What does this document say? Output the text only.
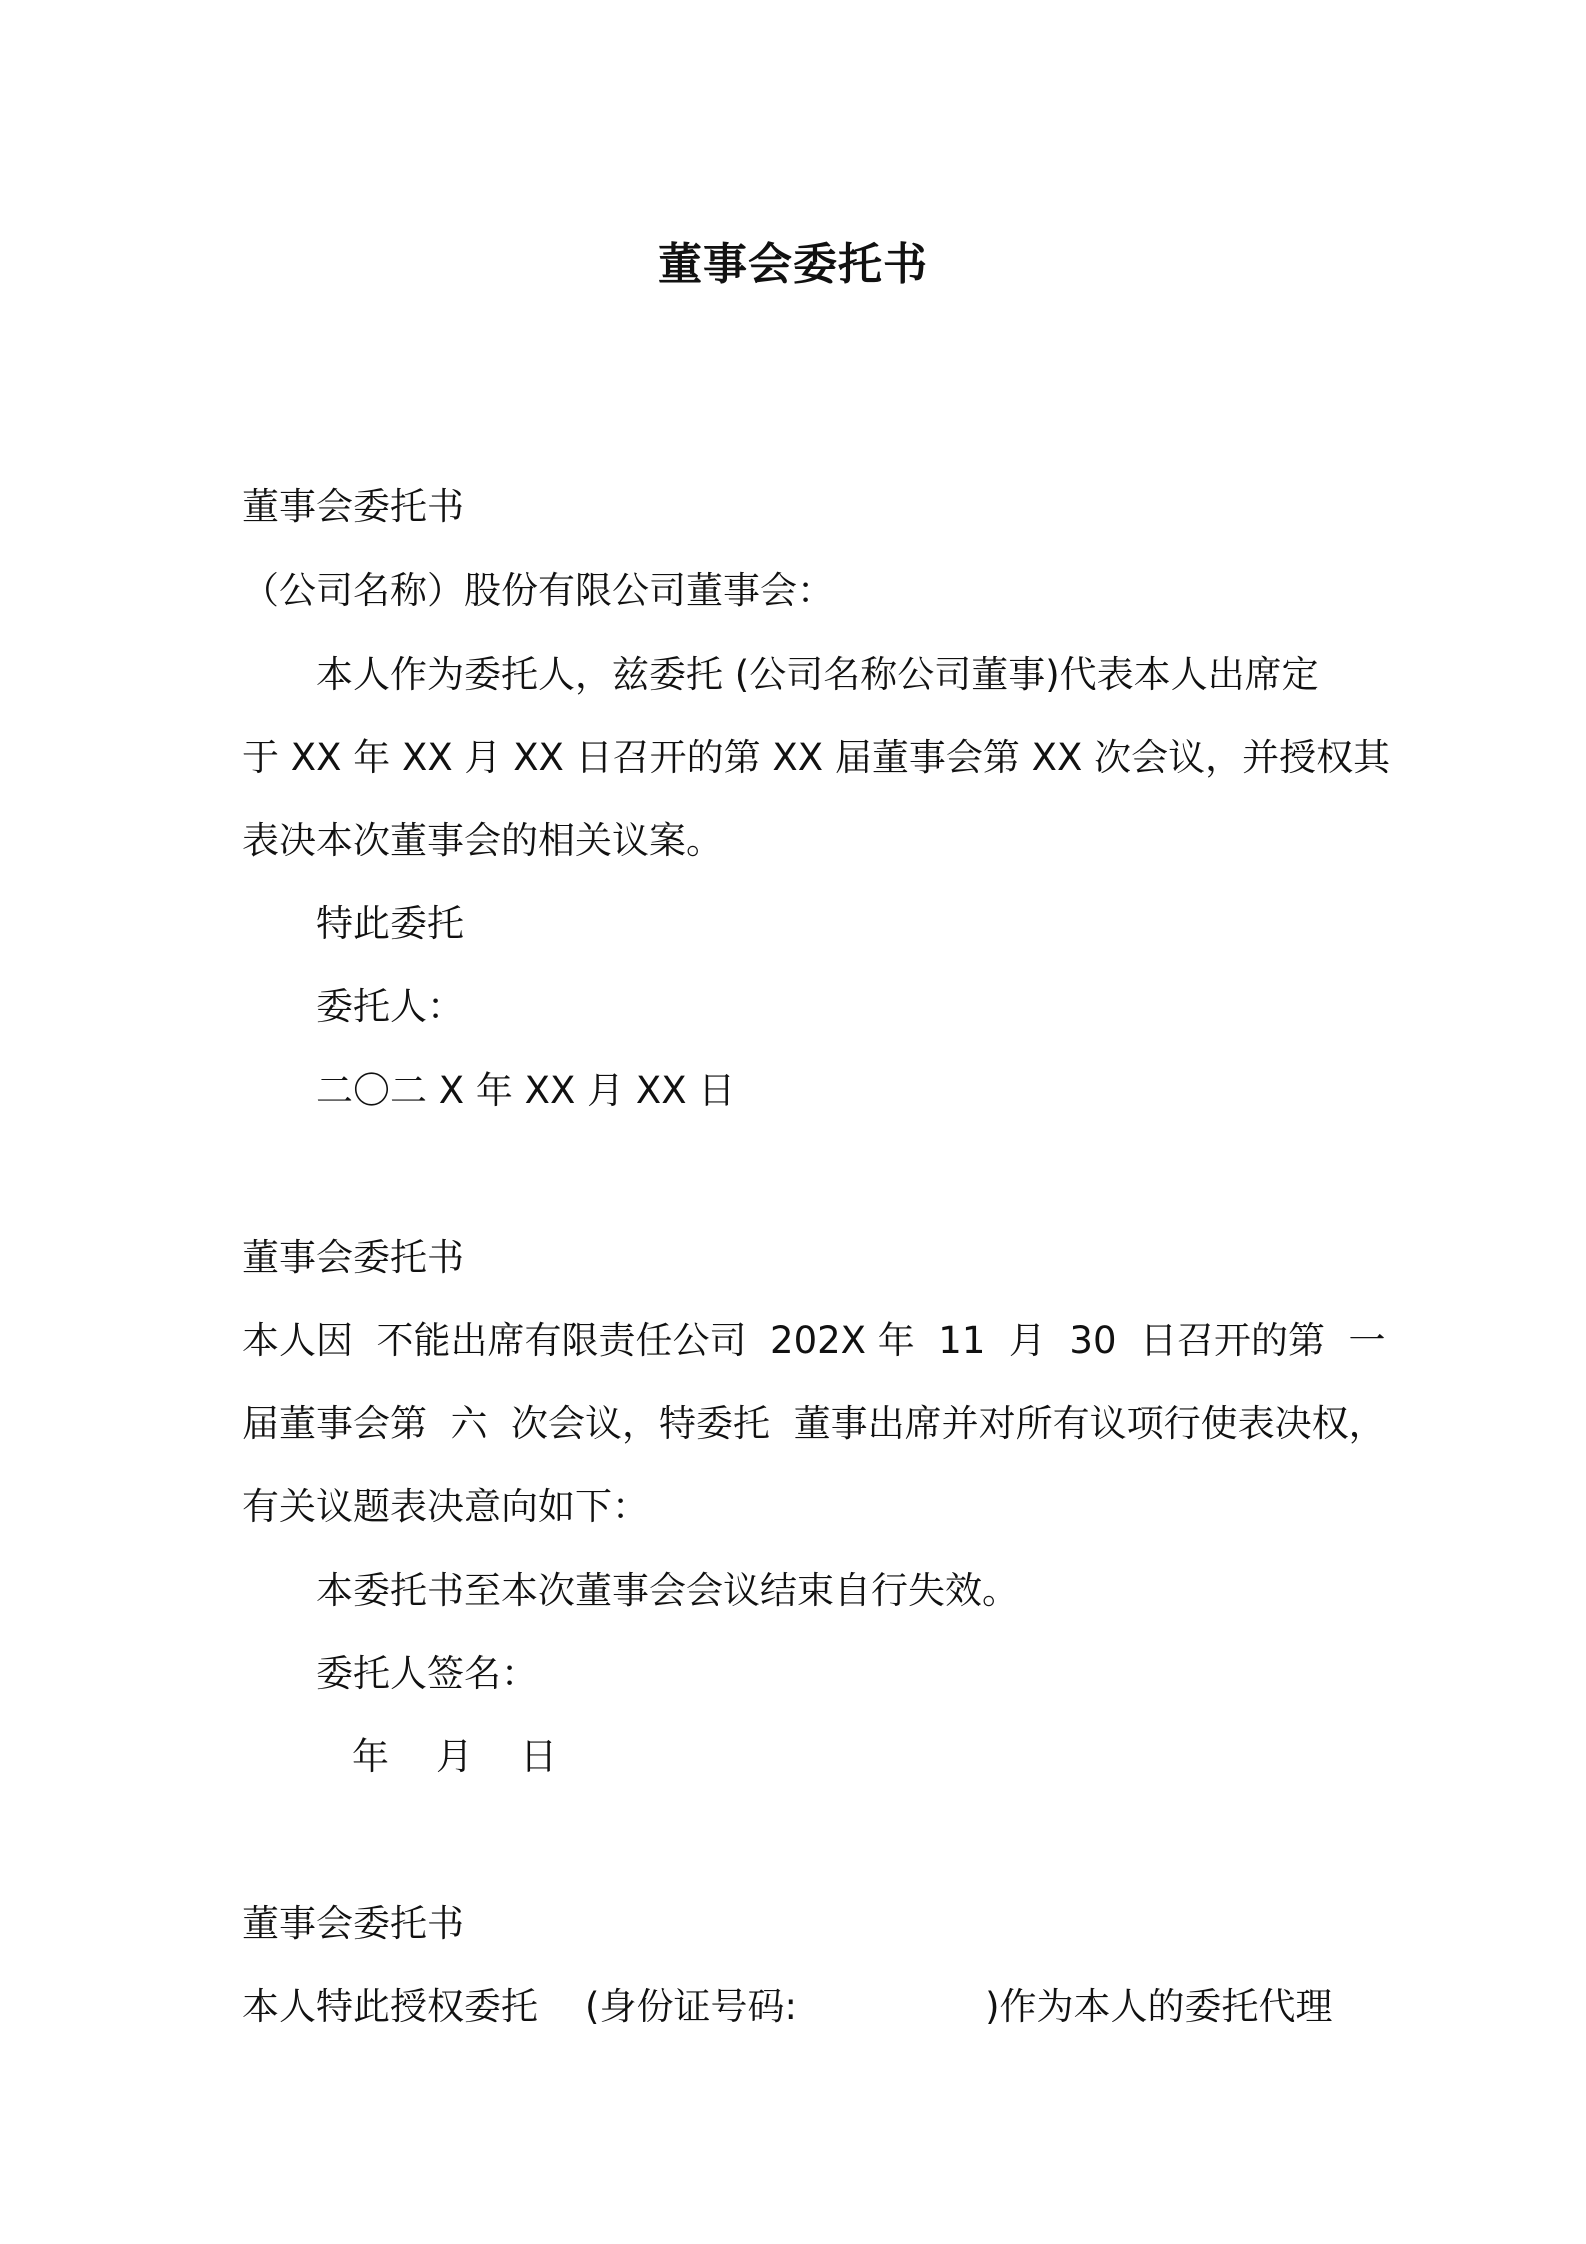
董事会委托书
董事会委托书
（公司名称）股份有限公司董事会：
本人作为委托人，兹委托 (公司名称公司董事)代表本人出席定
于 XX 年 XX 月 XX 日召开的第 XX 届董事会第 XX 次会议，并授权其
表决本次董事会的相关议案。
特此委托
委托人：
二〇二 X 年 XX 月 XX 日
董事会委托书
本人因  不能出席有限责任公司  202X 年  11  月  30  日召开的第  一
届董事会第  六  次会议，特委托  董事出席并对所有议项行使表决权，
有关议题表决意向如下：
本委托书至本次董事会会议结束自行失效。
委托人签名：
年    月    日
董事会委托书
本人特此授权委托    (身份证号码:                )作为本人的委托代理
